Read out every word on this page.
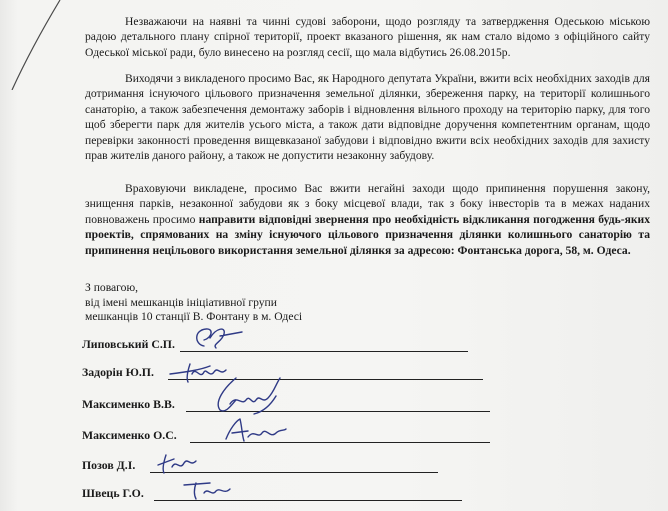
Незважаючи на наявні та чинні судові заборони, щодо розгляду та затвердження Одеською міською радою детального плану спірної території, проект вказаного рішення, як нам стало відомо з офіційного сайту Одеської міської ради, було винесено на розгляд сесії, що мала відбутись 26.08.2015р.

Виходячи з викладеного просимо Вас, як Народного депутата України, вжити всіх необхідних заходів для дотримання існуючого цільового призначення земельної ділянки, збереження парку, на території колишнього санаторію, а також забезпечення демонтажу заборів і відновлення вільного проходу на територію парку, для того щоб зберегти парк для жителів усього міста, а також дати відповідне доручення компетентним органам, щодо перевірки законності проведення вищевказаної забудови і відповідно вжити всіх необхідних заходів для захисту прав жителів даного району, а також не допустити незаконну забудову.

Враховуючи викладене, просимо Вас вжити негайні заходи щодо припинення порушення закону, знищення парків, незаконної забудови як з боку місцевої влади, так з боку інвесторів та в межах наданих повноважень просимо направити відповідні звернення про необхідність відкликання погодження будь-яких проектів, спрямованих на зміну існуючого цільового призначення ділянки колишнього санаторію та припинення нецільового використання земельної ділянкя за адресою: Фонтанська дорога, 58, м. Одеса.

З повагою,
від імені мешканців ініціативної групи
мешканців 10 станції В. Фонтану в м. Одесі
Липовський С.П.
Задорін Ю.П.
Максименко В.В.
Максименко О.С.
Позов Д.І.
Швець Г.О.
